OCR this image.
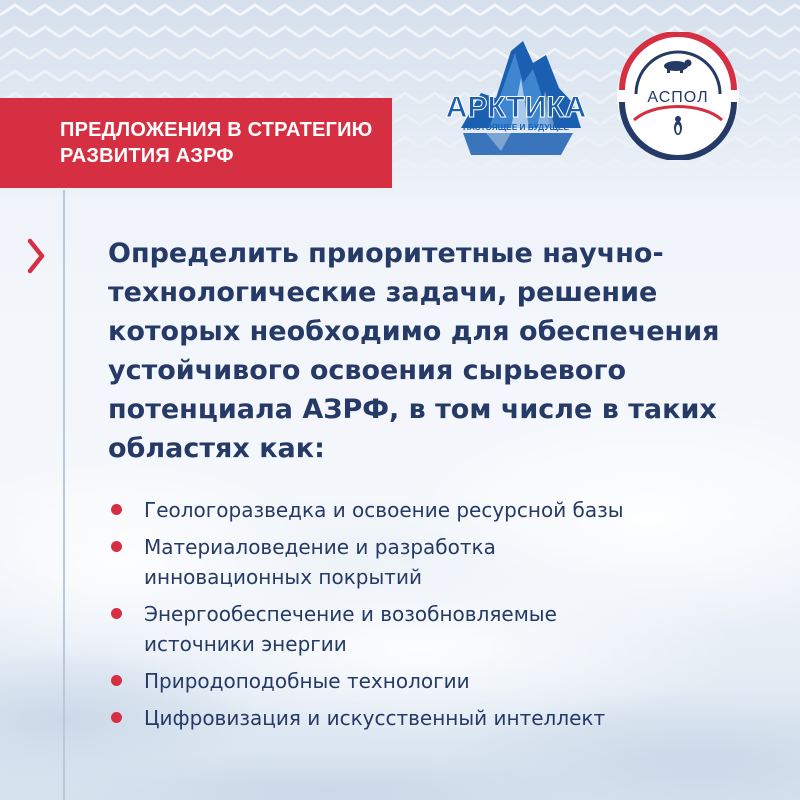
ПРЕДЛОЖЕНИЯ В СТРАТЕГИЮ
РАЗВИТИЯ АЗРФ
АРКТИКА
НАСТОЯЩЕЕ И БУДУЩЕЕ
АСПОЛ
Определить приоритетные научно-
технологические задачи, решение
которых необходимо для обеспечения
устойчивого освоения сырьевого
потенциала АЗРФ, в том числе в таких
областях как:
Геологоразведка и освоение ресурсной базы
Материаловедение и разработка
инновационных покрытий
Энергообеспечение и возобновляемые
источники энергии
Природоподобные технологии
Цифровизация и искусственный интеллект
